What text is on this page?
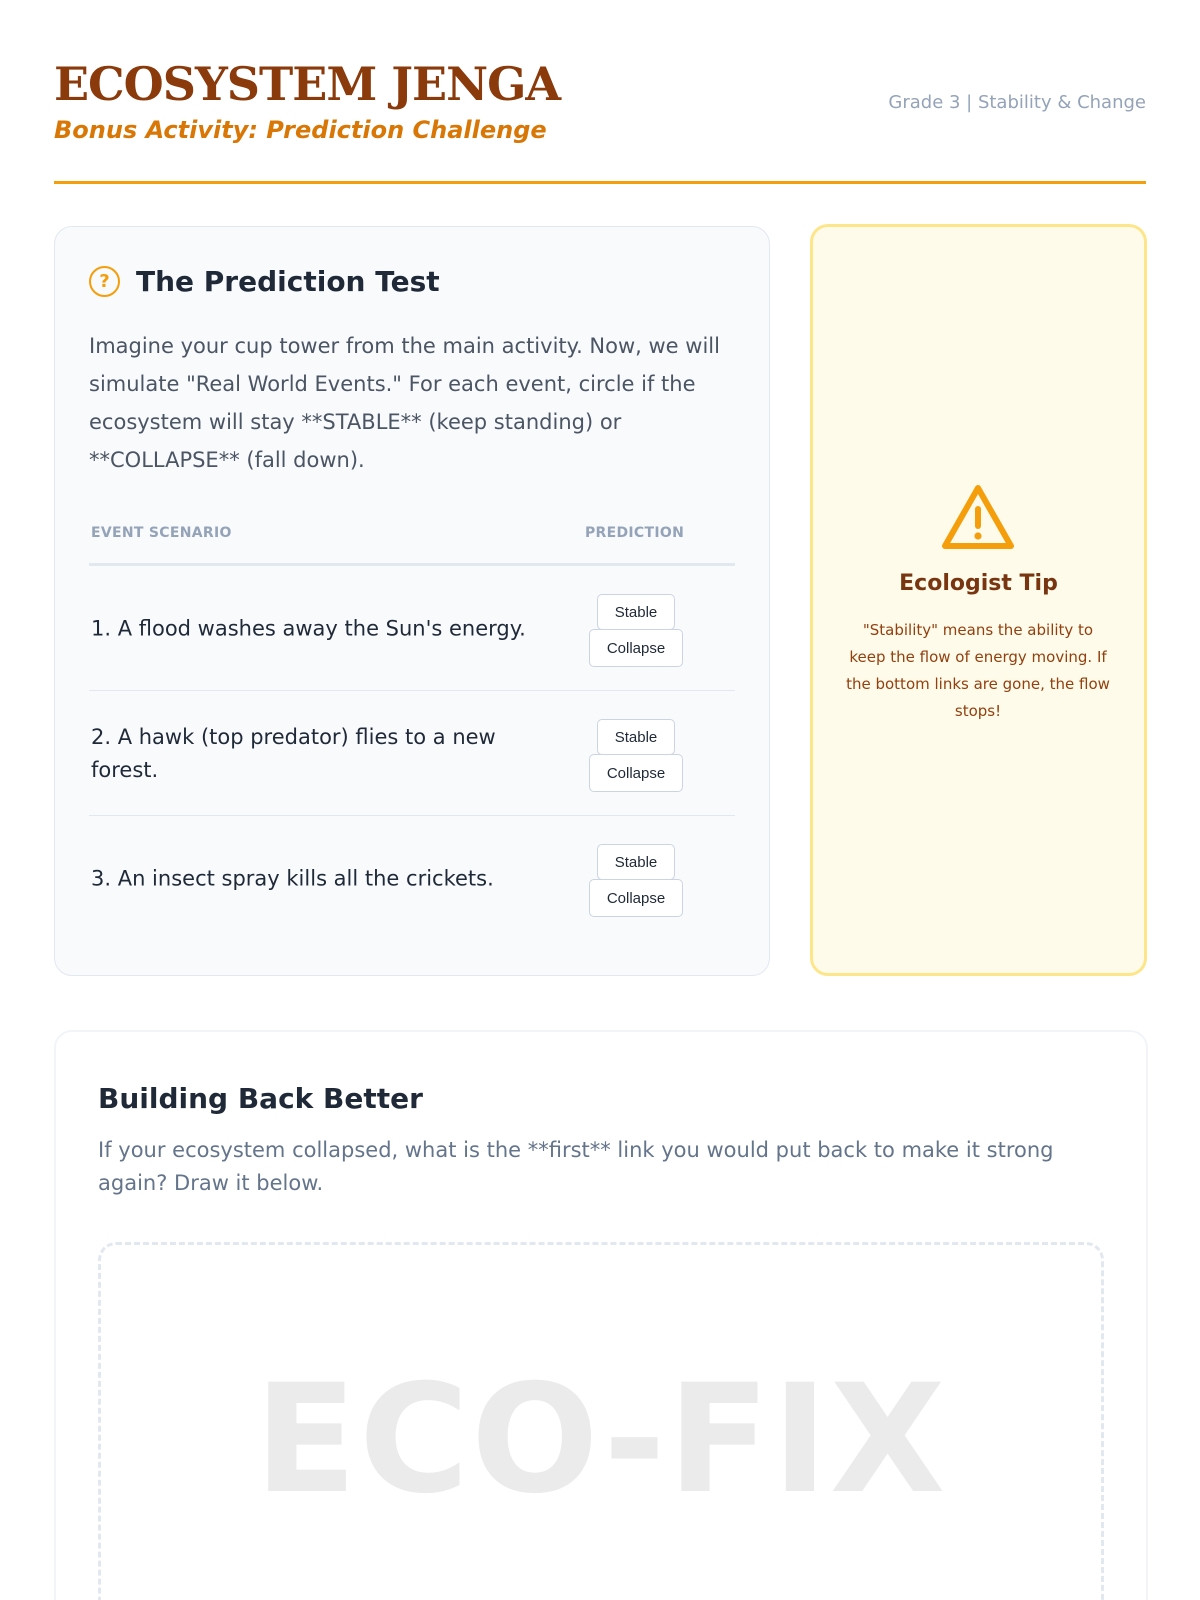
ECOSYSTEM JENGA
Bonus Activity: Prediction Challenge
Grade 3 | Stability & Change
? The Prediction Test

Imagine your cup tower from the main activity. Now, we will simulate "Real World Events." For each event, circle if the ecosystem will stay **STABLE** (keep standing) or **COLLAPSE** (fall down).

EVENT SCENARIO	PREDICTION
1. A flood washes away the Sun's energy.
Stable
Collapse
2. A hawk (top predator) flies to a new forest.
Stable
Collapse
3. An insect spray kills all the crickets.
Stable
Collapse
Ecologist Tip

"Stability" means the ability to keep the flow of energy moving. If the bottom links are gone, the flow stops!

Building Back Better

If your ecosystem collapsed, what is the **first** link you would put back to make it strong again? Draw it below.

ECO-FIX
